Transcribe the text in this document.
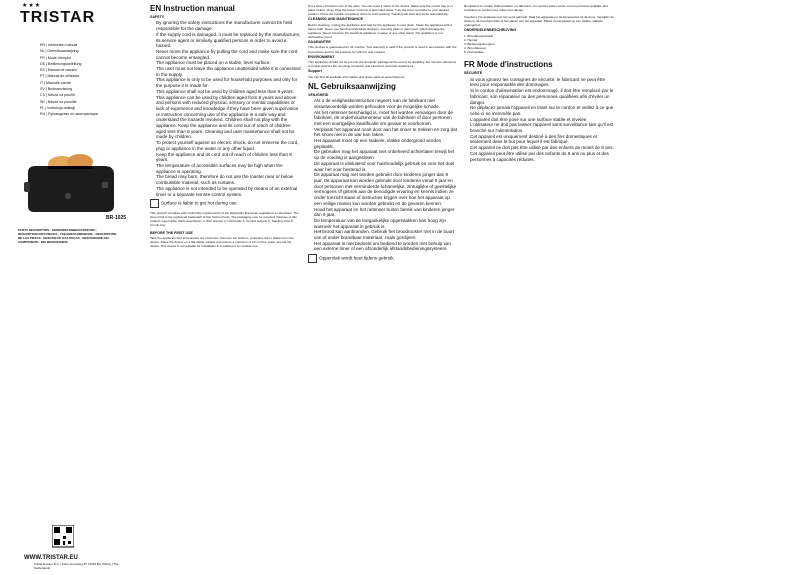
★★★
TRISTAR
EN | Instruction manual
NL | Gebruiksaanwijzing
FR | Mode d'emploi
DE | Bedienungsanleitung
ES | Manual de usuario
PT | Manual de utilizador
IT | Manuale utente
SV | Bruksanvisning
CS | Návod na použití
SK | Návod na použitie
PL | Instrukcja obsługi
RU | Руководство по эксплуатации
BR-1025
PARTS DESCRIPTION · ONDERDELENBESCHRIJVING · DESCRIPTION DES PIECES · TEILEBESCHREIBUNG · DESCRIPCIÓN DE LAS PIEZAS · DESCRIÇÃO DAS PEÇAS · DESCRIZIONE DEI COMPONENTI · DELBESKRIVNING
WWW.TRISTAR.EU
Tristar Europe B.V. | Jules Verneweg 87 | 5015 BH Tilburg | The Netherlands
EN Instruction manual
SAFETY
• By ignoring the safety instructions the manufacturer cannot be held responsible for the damage.
• If the supply cord is damaged, it must be replaced by the manufacturer, its service agent or similarly qualified persons in order to avoid a hazard.
• Never move the appliance by pulling the cord and make sure the cord cannot become entangled.
• The appliance must be placed on a stable, level surface.
• The user must not leave the appliance unattended while it is connected to the supply.
• This appliance is only to be used for household purposes and only for the purpose it is made for.
• This appliance shall not be used by children aged less than 8 years. This appliance can be used by children aged from 8 years and above and persons with reduced physical, sensory or mental capabilities or lack of experience and knowledge if they have been given supervision or instruction concerning use of the appliance in a safe way and understand the hazards involved. Children shall not play with the appliance. Keep the appliance and its cord out of reach of children aged less than 8 years. Cleaning and user maintenance shall not be made by children.
• To protect yourself against an electric shock, do not immerse the cord, plug or appliance in the water or any other liquid.
• Keep the appliance and its cord out of reach of children less than 8 years.
• The temperature of accessible surfaces may be high when the appliance is operating.
• The bread may burn, therefore do not use the toaster near or below combustible material, such as curtains.
• The appliance is not intended to be operated by means of an external timer or a separate remote-control system.

Surface is liable to get hot during use.

This product complies with conformity requirements of the applicable European regulations or directives. The Green Dot is the registered trademark of Der Grüne Punkt. The packaging may be recycled. Dispose of this product responsibly. Parts description: 1. Bun warmer 2. Lift handle 3. Control buttons 4. Toasting slots 5. Crumb tray

BEFORE THE FIRST USE

Take the appliance and accessories out of the box. Remove the stickers, protective foil or plastic from the device. Place the device on a flat stable surface and ensure a minimum of 10 cm free space around the device. This device is not suitable for installation in a cabinet or for outside use.

Put a slice of bread in one of the slots. You can toast 2 slices in the device. Make sure the crumb tray is in place before using. Plug the power cord into a grounded outlet. Turn the timer controller to your desired position. Press the handle completely down to start toasting. Toasting will start and stops automatically.

CLEANING AND MAINTENANCE

Before cleaning, unplug the appliance and wait for the appliance to cool down. Clean the appliance with a damp cloth. Never use harsh and abrasive cleaners, scouring pads or steel wool, which damage the appliance. Never immerse the electrical appliance in water or any other liquid. The appliance is not dishwasher proof.

GUARANTEE

This product is guaranteed for 24 months. Your warranty is valid if the product is used in accordance with the instructions and for the purpose for which it was created.

ENVIRONMENT

This appliance should not be put into the domestic garbage at the end of its durability, but must be offered at a central point for the recycling of electric and electronic domestic appliances.

Support

You can find all available information and spare parts at www.tristar.eu!

NL Gebruiksaanwijzing
VEILIGHEID
• Als u de veiligheidsinstructies negeert, kan de fabrikant niet verantwoordelijk worden gehouden voor de mogelijke schade.
• Als het netsnoer beschadigd is, moet het worden vervangen door de fabrikant, de onderhoudsmonteur van de fabrikant of door personen met een soortgelijke kwalificatie om gevaar te voorkomen.
• Verplaats het apparaat nooit door aan het snoer te trekken en zorg dat het snoer niet in de war kan raken.
• Het apparaat moet op een stabiele, vlakke ondergrond worden geplaatst.
• De gebruiker mag het apparaat niet onbeheerd achterlaten terwijl het op de voeding is aangesloten.
• Dit apparaat is uitsluitend voor huishoudelijk gebruik en voor het doel waar het voor bestemd is.
• Dit apparaat mag niet worden gebruikt door kinderen jonger dan 8 jaar. Dit apparaat kan worden gebruikt door kinderen vanaf 8 jaar en door personen met verminderde lichamelijke, zintuiglijke of geestelijke vermogens of gebrek aan de benodigde ervaring en kennis indien ze onder toezicht staan of instructies krijgen over hoe het apparaat op een veilige manier kan worden gebruikt en de gevaren kennen.
• Houd het apparaat en het netsnoer buiten bereik van kinderen jonger dan 8 jaar.
• De temperatuur van de toegankelijke oppervlakken kan hoog zijn wanneer het apparaat in gebruik is.
• Het brood kan aanbranden. Gebruik het broodrooster niet in de buurt van of onder brandbaar materiaal, zoals gordijnen.
• Het apparaat is niet bedoeld om bediend te worden met behulp van een externe timer of een afzonderlijk afstandsbedieningssysteem.

Oppervlak wordt heet tijdens gebruik.

Remplacez le cordon d'alimentation. Le fabricant, son service après-vente ou une personne qualifiée doit remplacer le cordon pour éviter tout danger.

Voordat u het apparaat voor het eerst gebruikt: Haal het apparaat en de accessoires uit de doos. Verwijder de stickers, de beschermfolie of het plastic van het apparaat. Plaats het apparaat op een vlakke, stabiele ondergrond.

ONDERDELENBESCHRIJVING
1. Broodjesopzetstuk
2. Hendel
3. Bedieningsknoppen
4. Broodsleuven
5. Kruimellade
FR Mode d'instructions
SÉCURITÉ
• Si vous ignorez les consignes de sécurité, le fabricant ne peut être tenu pour responsable des dommages.
• Si le cordon d'alimentation est endommagé, il doit être remplacé par le fabricant, son réparateur ou des personnes qualifiées afin d'éviter un danger.
• Ne déplacez jamais l'appareil en tirant sur le cordon et veillez à ce que celui-ci ne s'emmêle pas.
• L'appareil doit être posé sur une surface stable et nivelée.
• L'utilisateur ne doit pas laisser l'appareil sans surveillance tant qu'il est branché sur l'alimentation.
• Cet appareil est uniquement destiné à des fins domestiques et seulement dans le but pour lequel il est fabriqué.
• Cet appareil ne doit pas être utilisé par des enfants de moins de 8 ans. Cet appareil peut être utilisé par des enfants de 8 ans ou plus et des personnes à capacités réduites.
